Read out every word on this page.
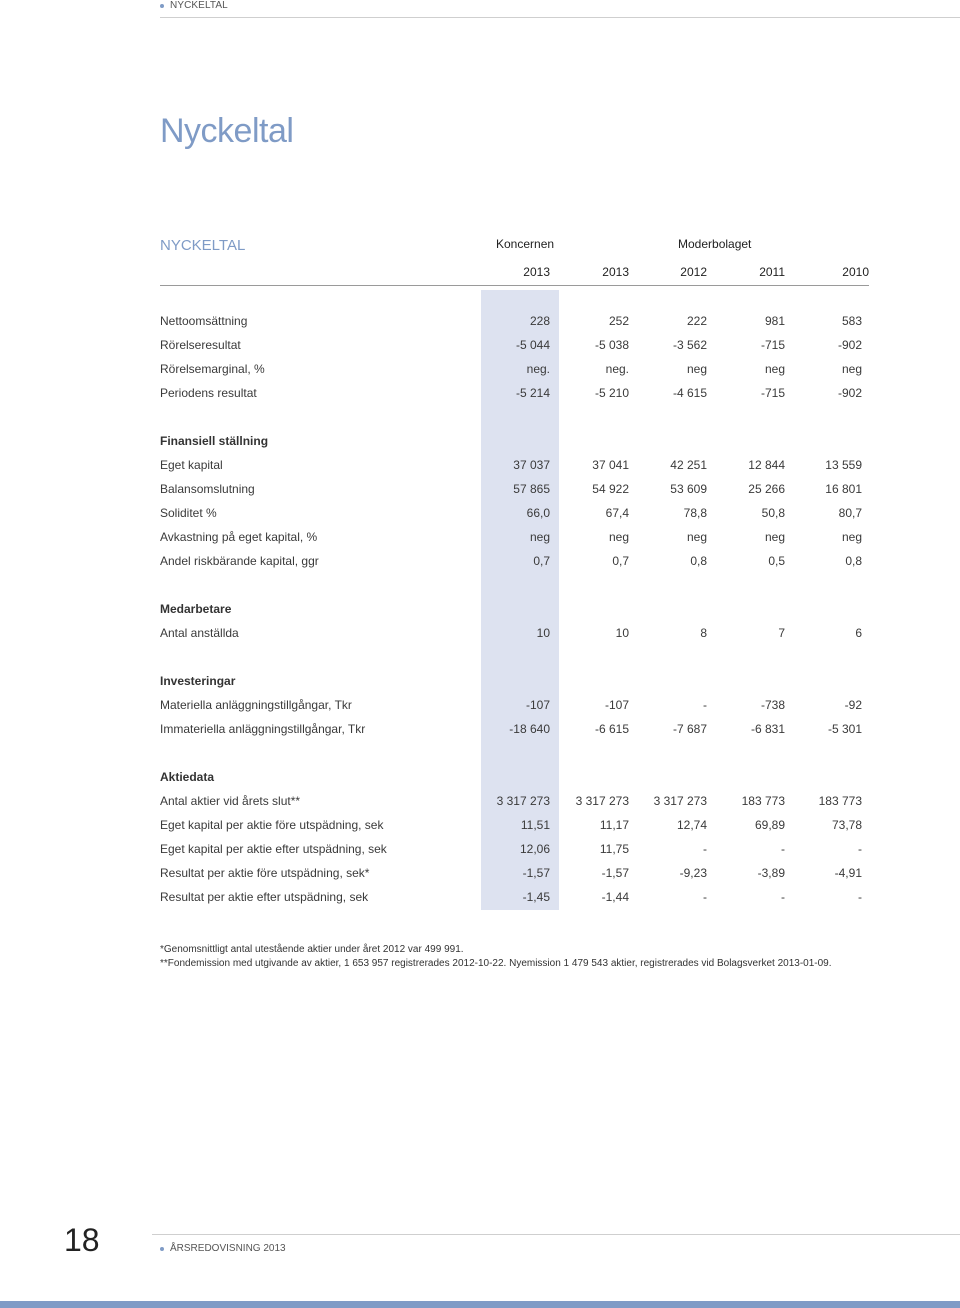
NYCKELTAL
Nyckeltal
NYCKELTAL	Koncernen	Moderbolaget
2013	2013	2012	2011	2010
Nettoomsättning	228	252	222	981	583
Rörelseresultat	-5 044	-5 038	-3 562	-715	-902
Rörelsemarginal, %	neg.	neg.	neg	neg	neg
Periodens resultat	-5 214	-5 210	-4 615	-715	-902
Finansiell ställning
Eget kapital	37 037	37 041	42 251	12 844	13 559
Balansomslutning	57 865	54 922	53 609	25 266	16 801
Soliditet %	66,0	67,4	78,8	50,8	80,7
Avkastning på eget kapital, %	neg	neg	neg	neg	neg
Andel riskbärande kapital, ggr	0,7	0,7	0,8	0,5	0,8
Medarbetare
Antal anställda	10	10	8	7	6
Investeringar
Materiella anläggningstillgångar, Tkr	-107	-107	-	-738	-92
Immateriella anläggningstillgångar, Tkr	-18 640	-6 615	-7 687	-6 831	-5 301
Aktiedata
Antal aktier vid årets slut**	3 317 273	3 317 273	3 317 273	183 773	183 773
Eget kapital per aktie före utspädning, sek	11,51	11,17	12,74	69,89	73,78
Eget kapital per aktie efter utspädning, sek	12,06	11,75	-	-	-
Resultat per aktie före utspädning, sek*	-1,57	-1,57	-9,23	-3,89	-4,91
Resultat per aktie efter utspädning, sek	-1,45	-1,44	-	-	-
*Genomsnittligt antal utestående aktier under året 2012 var 499 991.
**Fondemission med utgivande av aktier, 1 653 957 registrerades 2012-10-22. Nyemission 1 479 543 aktier, registrerades vid Bolagsverket 2013-01-09.
18	ÅRSREDOVISNING 2013
